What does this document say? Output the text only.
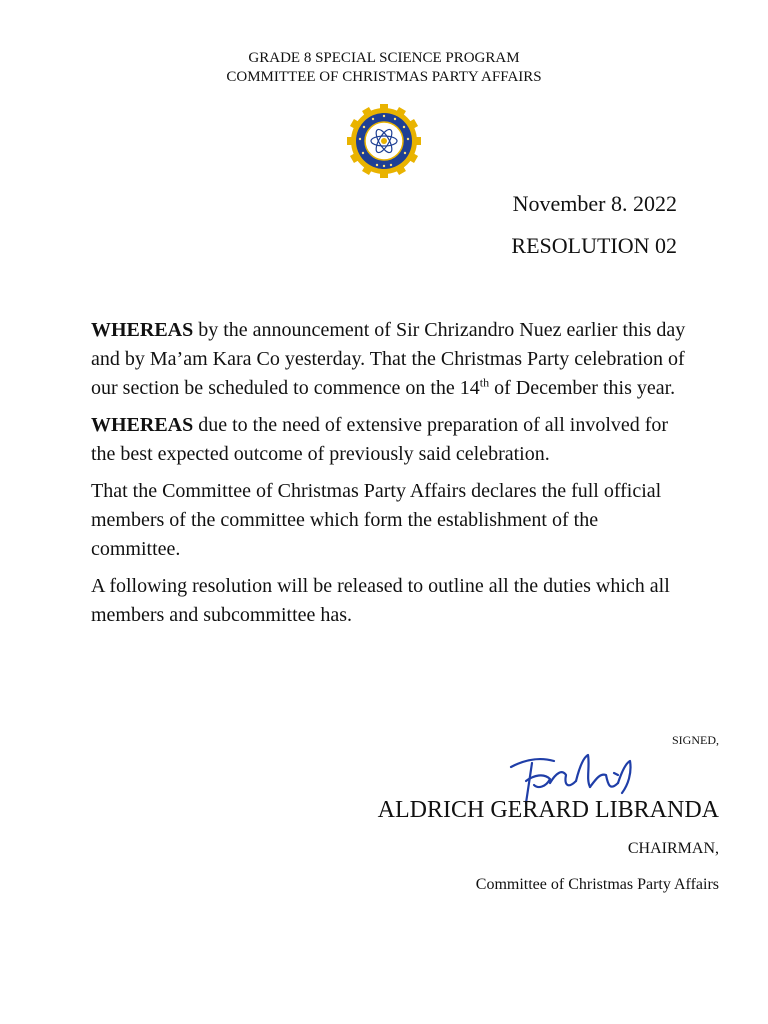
GRADE 8 SPECIAL SCIENCE PROGRAM
COMMITTEE OF CHRISTMAS PARTY AFFAIRS
November 8. 2022
RESOLUTION 02

WHEREAS by the announcement of Sir Chrizandro Nuez earlier this day and by Ma’am Kara Co yesterday. That the Christmas Party celebration of our section be scheduled to commence on the 14th of December this year.

WHEREAS due to the need of extensive preparation of all involved for the best expected outcome of previously said celebration.

That the Committee of Christmas Party Affairs declares the full official members of the committee which form the establishment of the committee.

A following resolution will be released to outline all the duties which all members and subcommittee has.

SIGNED,
ALDRICH GERARD LIBRANDA
CHAIRMAN,
Committee of Christmas Party Affairs
